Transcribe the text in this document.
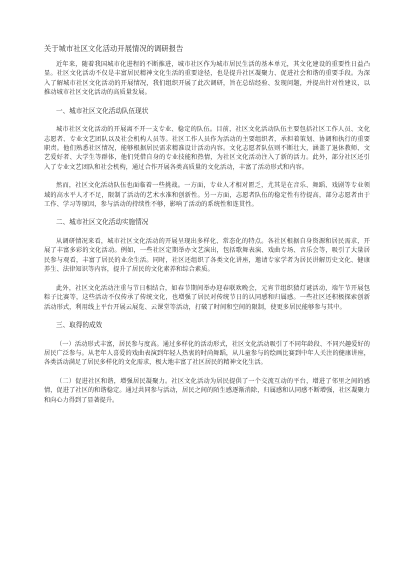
关于城市社区文化活动开展情况的调研报告

近年来，随着我国城市化进程的不断推进，城市社区作为城市居民生活的基本单元，其文化建设的重要性日益凸显。社区文化活动不仅是丰富居民精神文化生活的重要途径，也是提升社区凝聚力、促进社会和谐的重要手段。为深入了解城市社区文化活动的开展情况，我们组织开展了此次调研，旨在总结经验、发现问题，并提出针对性建议，以推动城市社区文化活动的高质量发展。

一、城市社区文化活动队伍现状

城市社区文化活动的开展离不开一支专业、稳定的队伍。目前，社区文化活动队伍主要包括社区工作人员、文化志愿者、专业文艺团队以及社会机构人员等。社区工作人员作为活动的主要组织者，承担着策划、协调和执行的重要职责。他们熟悉社区情况，能够根据居民需求精准设计活动内容。文化志愿者队伍则不断壮大，涵盖了退休教师、文艺爱好者、大学生等群体，他们凭借自身的专业技能和热情，为社区文化活动注入了新的活力。此外，部分社区还引入了专业文艺团队和社会机构，通过合作开展各类高质量的文化活动，丰富了活动形式和内容。

然而，社区文化活动队伍也面临着一些挑战。一方面，专业人才相对匮乏，尤其是在音乐、舞蹈、戏剧等专业领域的高水平人才不足，限制了活动的艺术水准和创新性。另一方面，志愿者队伍的稳定性有待提高，部分志愿者由于工作、学习等原因，参与活动的持续性不够，影响了活动的系统性和连贯性。

二、城市社区文化活动实施情况

从调研情况来看，城市社区文化活动的开展呈现出多样化、常态化的特点。各社区根据自身资源和居民需求，开展了丰富多彩的文化活动。例如，一些社区定期举办文艺演出，包括歌舞表演、戏曲专场、音乐会等，吸引了大量居民参与观看，丰富了居民的业余生活。同时，社区还组织了各类文化讲座，邀请专家学者为居民讲解历史文化、健康养生、法律知识等内容，提升了居民的文化素养和综合素质。

此外，社区文化活动注重与节日相结合，如春节期间举办迎春联欢晚会，元宵节组织猜灯谜活动，端午节开展包粽子比赛等，这些活动不仅传承了传统文化，也增强了居民对传统节日的认同感和归属感。一些社区还积极探索创新活动形式，利用线上平台开展云展览、云课堂等活动，打破了时间和空间的限制，使更多居民能够参与其中。

三、取得的成效

（一）活动形式丰富，居民参与度高。通过多样化的活动形式，社区文化活动吸引了不同年龄段、不同兴趣爱好的居民广泛参与。从老年人喜爱的戏曲表演到年轻人热衷的时尚舞蹈，从儿童参与的绘画比赛到中年人关注的健康讲座，各类活动满足了居民多样化的文化需求，极大地丰富了社区居民的精神文化生活。

（二）促进社区和谐，增强居民凝聚力。社区文化活动为居民提供了一个交流互动的平台，增进了邻里之间的感情，促进了社区的和谐稳定。通过共同参与活动，居民之间的陌生感逐渐消除，归属感和认同感不断增强，社区凝聚力和向心力得到了显著提升。
